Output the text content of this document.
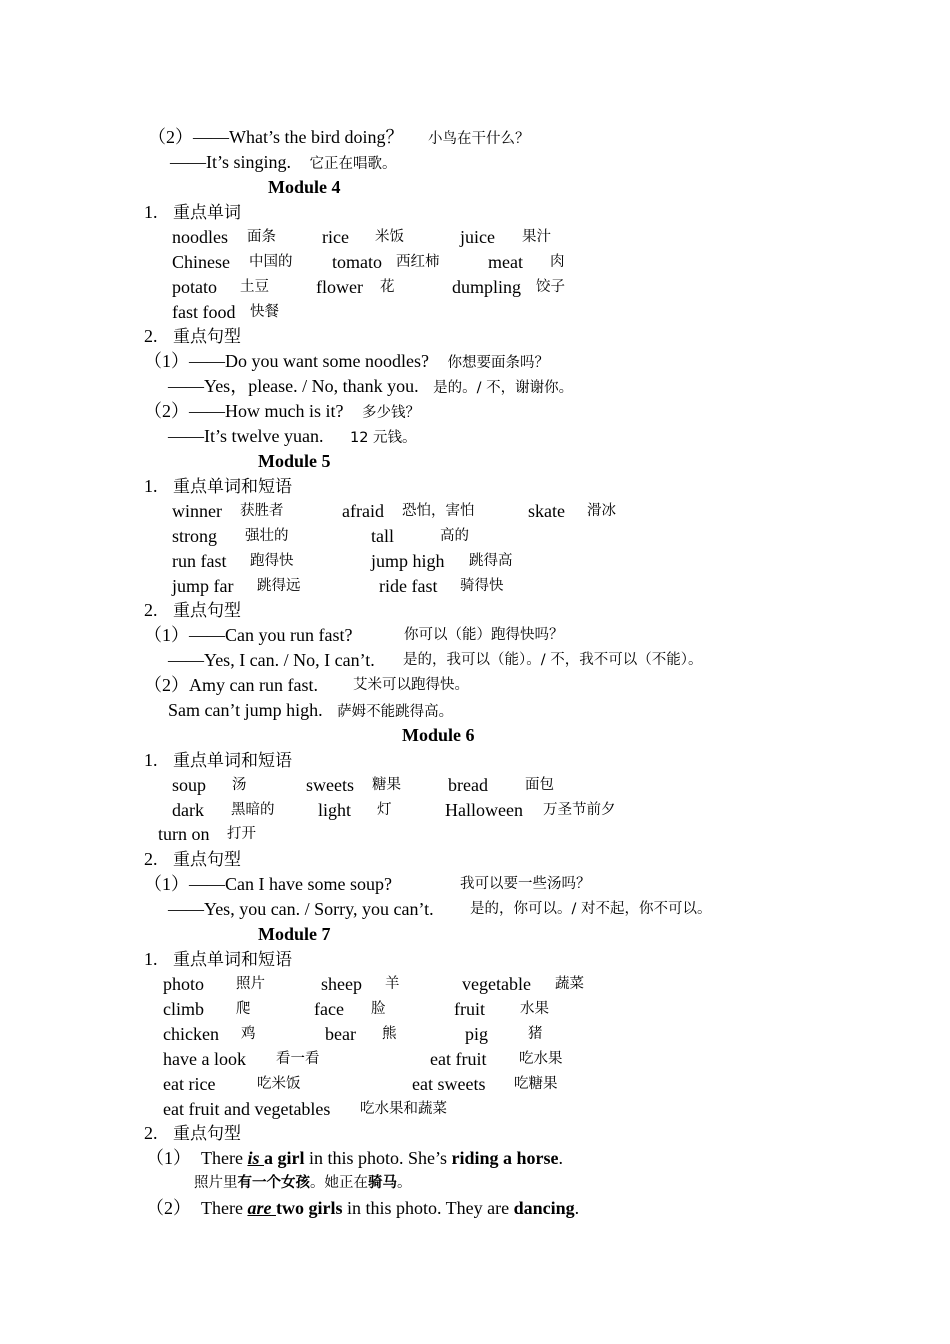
（2）——What’s the bird doing？ 小鸟在干什么？
——It’s singing. 它正在唱歌。
Module 4
1. 重点单词
noodles 面条	rice 米饭	juice 果汁
Chinese 中国的 tomato 西红柿	meat 肉
potato 土豆	flower 花	dumpling 饺子
fast food 快餐
2. 重点句型
（1）——Do you want some noodles? 你想要面条吗？
——Yes，please. / No, thank you. 是的。/ 不，谢谢你。
（2）——How much is it? 多少钱？
——It’s twelve yuan. 12 元钱。
Module 5
1. 重点单词和短语
winner 获胜者	afraid 恐怕，害怕	skate 滑冰
strong 强壮的	tall	高的
run fast 跑得快	jump high 跳得高
jump far 跳得远	ride fast 骑得快
2. 重点句型
（1）——Can you run fast?	你可以（能）跑得快吗？
——Yes, I can. / No, I can’t. 是的，我可以（能）。/ 不，我不可以（不能）。
（2）Amy can run fast. 艾米可以跑得快。
Sam can’t jump high. 萨姆不能跳得高。
Module 6
1. 重点单词和短语
soup 汤	sweets 糖果	bread	面包
dark 黑暗的 light 灯	Halloween 万圣节前夕
turn on 打开
2. 重点句型
（1）——Can I have some soup?	我可以要一些汤吗？
——Yes, you can. / Sorry, you can’t.	是的，你可以。/ 对不起，你不可以。
Module 7
1. 重点单词和短语
photo 照片	sheep 羊	vegetable 蔬菜
climb 爬	face 脸	fruit 水果
chicken 鸡	bear 熊	pig	猪
have a look 看一看	eat fruit 吃水果
eat rice	吃米饭	eat sweets 吃糖果
eat fruit and vegetables 吃水果和蔬菜
2. 重点句型
（1） There is a girl in this photo. She’s riding a horse.
照片里有一个女孩。她正在骑马。
（2） There are two girls in this photo. They are dancing.
